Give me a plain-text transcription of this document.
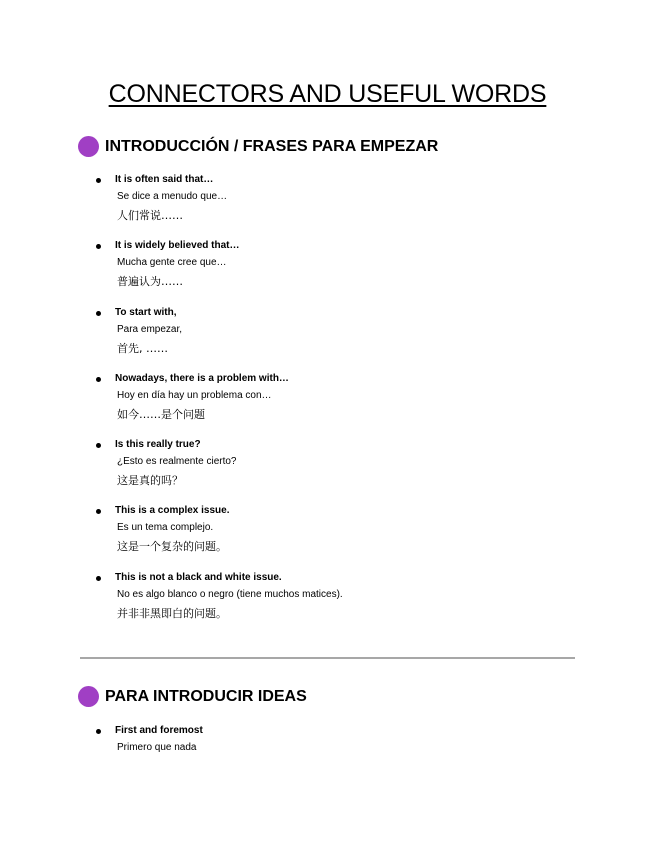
CONNECTORS AND USEFUL WORDS
INTRODUCCIÓN / FRASES PARA EMPEZAR
It is often said that…
Se dice a menudo que…
人们常说……
It is widely believed that…
Mucha gente cree que…
普遍认为……
To start with,
Para empezar,
首先, ……
Nowadays, there is a problem with…
Hoy en día hay un problema con…
如今……是个问题
Is this really true?
¿Esto es realmente cierto?
这是真的吗？
This is a complex issue.
Es un tema complejo.
这是一个复杂的问题。
This is not a black and white issue.
No es algo blanco o negro (tiene muchos matices).
并非非黑即白的问题。
PARA INTRODUCIR IDEAS
First and foremost
Primero que nada
